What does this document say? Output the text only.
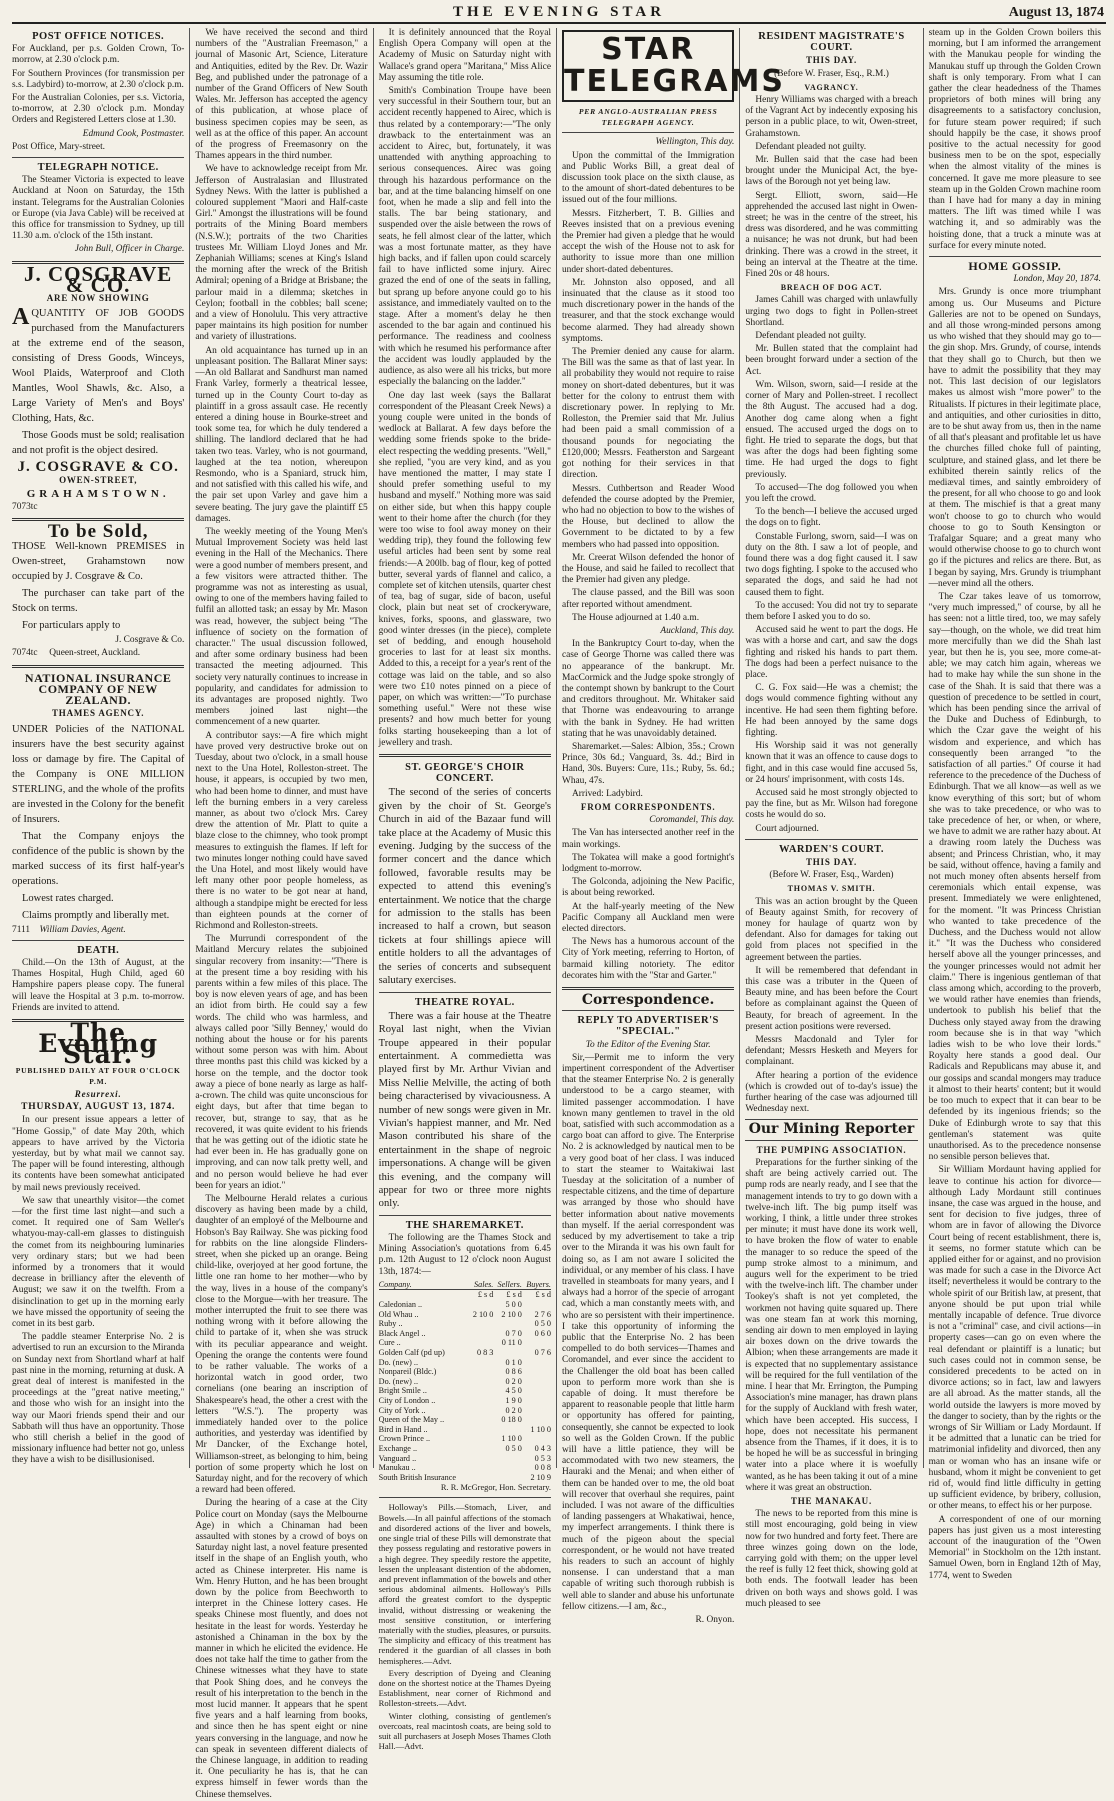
THE EVENING STAR	August 13, 1874
POST OFFICE NOTICES.

For Auckland, per p.s. Golden Crown, To-morrow, at 2.30 o'clock p.m.

For Southern Provinces (for transmission per s.s. Ladybird) to-morrow, at 2.30 o'clock p.m.

For the Australian Colonies, per s.s. Victoria, to-morrow, at 2.30 o'clock p.m. Monday Orders and Registered Letters close at 1.30.

Edmund Cook, Postmaster.

Post Office, Mary-street.

TELEGRAPH NOTICE.

The Steamer Victoria is expected to leave Auckland at Noon on Saturday, the 15th instant. Telegrams for the Australian Colonies or Europe (via Java Cable) will be received at this office for transmission to Sydney, up till 11.30 a.m. o'clock of the 15th instant.

John Bull, Officer in Charge.

J. COSGRAVE & CO.
ARE NOW SHOWING

AQUANTITY OF JOB GOODS purchased from the Manufacturers at the extreme end of the season, consisting of Dress Goods, Winceys, Wool Plaids, Waterproof and Cloth Mantles, Wool Shawls, &c. Also, a Large Variety of Men's and Boys' Clothing, Hats, &c.

Those Goods must be sold; realisation and not profit is the object desired.

J. COSGRAVE & CO.
OWEN-STREET,
GRAHAMSTOWN.

7073tc

To be Sold,

THOSE Well-known PREMISES in Owen-street, Grahamstown now occupied by J. Cosgrave & Co.

The purchaser can take part of the Stock on terms.

For particulars apply to

J. Cosgrave & Co.

7074tc Queen-street, Auckland.

NATIONAL INSURANCE COMPANY OF NEW ZEALAND.
THAMES AGENCY.

UNDER Policies of the NATIONAL insurers have the best security against loss or damage by fire. The Capital of the Company is ONE MILLION STERLING, and the whole of the profits are invested in the Colony for the benefit of Insurers.

That the Company enjoys the confidence of the public is shown by the marked success of its first half-year's operations.

Lowest rates charged.

Claims promptly and liberally met.

7111 William Davies, Agent.

DEATH.

Child.—On the 13th of August, at the Thames Hospital, Hugh Child, aged 60 Hampshire papers please copy. The funeral will leave the Hospital at 3 p.m. to-morrow. Friends are invited to attend.

The Evening Star.
PUBLISHED DAILY AT FOUR O'CLOCK P.M.
Resurrexi.
THURSDAY, AUGUST 13, 1874.

In our present issue appears a letter of "Home Gossip," of date May 20th, which appears to have arrived by the Victoria yesterday, but by what mail we cannot say. The paper will be found interesting, although its contents have been somewhat anticipated by mail news previously received.

We saw that unearthly visitor—the comet —for the first time last night—and such a comet. It required one of Sam Weller's whatyou-may-call-em glasses to distinguish the comet from its neighbouring luminaries very ordinary stars; but we had been informed by a tronomers that it would decrease in brilliancy after the eleventh of August; we saw it on the twelfth. From a disinclination to get up in the morning early we have missed the opportunity of seeing the comet in its best garb.

The paddle steamer Enterprise No. 2 is advertised to run an excursion to the Miranda on Sunday next from Shortland wharf at half past nine in the morning, returning at dusk. A great deal of interest is manifested in the proceedings at the "great native meeting," and those who wish for an insight into the way our Maori friends spend their and our Sabbath will thus have an opportunity. Those who still cherish a belief in the good of missionary influence had better not go, unless they have a wish to be disillusionised.

We have received the second and third numbers of the "Australian Freemason," a journal of Masonic Art, Science, Literature and Antiquities, edited by the Rev. Dr. Wazir Beg, and published under the patronage of a number of the Grand Officers of New South Wales. Mr. Jefferson has accepted the agency of this publication, at whose place of business specimen copies may be seen, as well as at the office of this paper. An account of the progress of Freemasonry on the Thames appears in the third number.

We have to acknowledge receipt from Mr. Jefferson of Australasian and Illustrated Sydney News. With the latter is published a coloured supplement "Maori and Half-caste Girl." Amongst the illustrations will be found portraits of the Mining Board members (N.S.W.); portraits of the two Charities trustees Mr. William Lloyd Jones and Mr. Zephaniah Williams; scenes at King's Island the morning after the wreck of the British Admiral; opening of a Bridge at Brisbane; the parlour maid in a dilemma; sketches in Ceylon; football in the cobbles; ball scene; and a view of Honolulu. This very attractive paper maintains its high position for number and variety of illustrations.

An old acquaintance has turned up in an unpleasant position. The Ballarat Miner says:—An old Ballarat and Sandhurst man named Frank Varley, formerly a theatrical lessee, turned up in the County Court to-day as plaintiff in a gross assault case. He recently entered a dining house in Bourke-street and took some tea, for which he duly tendered a shilling. The landlord declared that he had taken two teas. Varley, who is not gourmand, laughed at the tea notion, whereupon Resmondo, who is a Spaniard, struck him, and not satisfied with this called his wife, and the pair set upon Varley and gave him a severe beating. The jury gave the plaintiff £5 damages.

The weekly meeting of the Young Men's Mutual Improvement Society was held last evening in the Hall of the Mechanics. There were a good number of members present, and a few visitors were attracted thither. The programme was not as interesting as usual, owing to one of the members having failed to fulfil an allotted task; an essay by Mr. Mason was read, however, the subject being "The influence of society on the formation of character." The usual discussion followed, and after some ordinary business had been transacted the meeting adjourned. This society very naturally continues to increase in popularity, and candidates for admission to its advantages are proposed nightly. Two members joined last night—the commencement of a new quarter.

A contributor says:—A fire which might have proved very destructive broke out on Tuesday, about two o'clock, in a small house next to the Una Hotel, Rolleston-street. The house, it appears, is occupied by two men, who had been home to dinner, and must have left the burning embers in a very careless manner, as about two o'clock Mrs. Carey drew the attention of Mr. Platt to quite a blaze close to the chimney, who took prompt measures to extinguish the flames. If left for two minutes longer nothing could have saved the Una Hotel, and most likely would have left many other poor people homeless, as there is no water to be got near at hand, although a standpipe might be erected for less than eighteen pounds at the corner of Richmond and Rolleston-streets.

The Murrundi correspondent of the Maitland Mercury relates the subjoined singular recovery from insanity:—"There is at the present time a boy residing with his parents within a few miles of this place. The boy is now eleven years of age, and has been an idiot from birth. He could say a few words. The child who was harmless, and always called poor 'Silly Benney,' would do nothing about the house or for his parents without some person was with him. About three months past this child was kicked by a horse on the temple, and the doctor took away a piece of bone nearly as large as half-a-crown. The child was quite unconscious for eight days, but after that time began to recover, but, strange to say, that as he recovered, it was quite evident to his friends that he was getting out of the idiotic state he had ever been in. He has gradually gone on improving, and can now talk pretty well, and and no person would believe he had ever been for years an idiot."

The Melbourne Herald relates a curious discovery as having been made by a child, daughter of an employé of the Melbourne and Hobson's Bay Railway. She was picking food for rabbits on the line alongside Flinders-street, when she picked up an orange. Being child-like, overjoyed at her good fortune, the little one ran home to her mother—who by the way, lives in a house of the company's close to the Morgue—with her treasure. The mother interrupted the fruit to see there was nothing wrong with it before allowing the child to partake of it, when she was struck with its peculiar appearance and weight. Opening the orange the contents were found to be rather valuable. The works of a horizontal watch in good order, two cornelians (one bearing an inscription of Shakespeare's head, the other a crest with the letters "W.S."). The property was immediately handed over to the police authorities, and yesterday was identified by Mr Dancker, of the Exchange hotel, Williamson-street, as belonging to him, being portion of some property which he lost on Saturday night, and for the recovery of which a reward had been offered.

During the hearing of a case at the City Police court on Monday (says the Melbourne Age) in which a Chinaman had been assaulted with stones by a crowd of boys on Saturday night last, a novel feature presented itself in the shape of an English youth, who acted as Chinese interpreter. His name is Wm. Henry Hutton, and he has been brought down by the police from Beechworth to interpret in the Chinese lottery cases. He speaks Chinese most fluently, and does not hesitate in the least for words. Yesterday he astonished a Chinaman in the box by the manner in which he elicited the evidence. He does not take half the time to gather from the Chinese witnesses what they have to state that Pook Shing does, and he conveys the result of his interpretation to the bench in the most lucid manner. It appears that he spent five years and a half learning from books, and since then he has spent eight or nine years conversing in the language, and now he can speak in seventeen different dialects of the Chinese language, in addition to reading it. One peculiarity he has is, that he can express himself in fewer words than the Chinese themselves.

It is definitely announced that the Royal English Opera Company will open at the Academy of Music on Saturday night with Wallace's grand opera "Maritana," Miss Alice May assuming the title role.

Smith's Combination Troupe have been very successful in their Southern tour, but an accident recently happened to Airec, which is thus related by a contemporary:—"The only drawback to the entertainment was an accident to Airec, but, fortunately, it was unattended with anything approaching to serious consequences. Airec was going through his hazardous performance on the bar, and at the time balancing himself on one foot, when he made a slip and fell into the stalls. The bar being stationary, and suspended over the aisle between the rows of seats, he fell almost clear of the latter, which was a most fortunate matter, as they have high backs, and if fallen upon could scarcely fail to have inflicted some injury. Airec grazed the end of one of the seats in falling, but sprang up before anyone could go to his assistance, and immediately vaulted on to the stage. After a moment's delay he then ascended to the bar again and continued his performance. The readiness and coolness with which he resumed his performance after the accident was loudly applauded by the audience, as also were all his tricks, but more especially the balancing on the ladder."

One day last week (says the Ballarat correspondent of the Pleasant Creek News) a young couple were united in the bonds of wedlock at Ballarat. A few days before the wedding some friends spoke to the bride-elect respecting the wedding presents. "Well," she replied, "you are very kind, and as you have mentioned the matter, I may state I should prefer something useful to my husband and myself." Nothing more was said on either side, but when this happy couple went to their home after the church (for they were too wise to fool away money on their wedding trip), they found the following few useful articles had been sent by some real friends:—A 200lb. bag of flour, keg of potted butter, several yards of flannel and calico, a complete set of kitchen utensils, quarter chest of tea, bag of sugar, side of bacon, useful clock, plain but neat set of crockeryware, knives, forks, spoons, and glassware, two good winter dresses (in the piece), complete set of bedding, and enough household groceries to last for at least six months. Added to this, a receipt for a year's rent of the cottage was laid on the table, and so also were two £10 notes pinned on a piece of paper, on which was written:—"To purchase something useful." Were not these wise presents? and how much better for young folks starting housekeeping than a lot of jewellery and trash.

ST. GEORGE'S CHOIR CONCERT.

The second of the series of concerts given by the choir of St. George's Church in aid of the Bazaar fund will take place at the Academy of Music this evening. Judging by the success of the former concert and the dance which followed, favorable results may be expected to attend this evening's entertainment. We notice that the charge for admission to the stalls has been increased to half a crown, but season tickets at four shillings apiece will entitle holders to all the advantages of the series of concerts and subsequent salutary exercises.

THEATRE ROYAL.

There was a fair house at the Theatre Royal last night, when the Vivian Troupe appeared in their popular entertainment. A commedietta was played first by Mr. Arthur Vivian and Miss Nellie Melville, the acting of both being characterised by vivaciousness. A number of new songs were given in Mr. Vivian's happiest manner, and Mr. Ned Mason contributed his share of the entertainment in the shape of negroic impersonations. A change will be given this evening, and the company will appear for two or three more nights only.

THE SHAREMARKET.

The following are the Thames Stock and Mining Association's quotations from 6.45 p.m. 12th August to 12 o'clock noon August 13th, 1874:—

Company.	Sales.	Sellers.	Buyers.
	£ s d	£ s d	£ s d
Caledonian ..		5 0 0	
Old Whau ..	2 10 0	2 10 0	2 7 6
Ruby ..			0 5 0
Black Angel ..		0 7 0	0 6 0
Cure ..		0 11 0	
Golden Calf (pd up)	0 8 3		0 7 6
Do. (new) ..		0 1 0	
Nonpareil (Bldc.)		0 8 6	
Do. (new) ..		0 2 0	
Bright Smile ..		4 5 0	
City of London ..		1 9 0	
City of York ..		0 2 0	
Queen of the May ..		0 18 0	
Bird in Hand ..			1 10 0
Crown Prince ..		1 10 0	
Exchange ..		0 5 0	0 4 3
Vanguard ..			0 5 3
Manukau ..			0 0 8
South British Insurance			2 10 9

R. R. McGregor, Hon. Secretary.

Holloway's Pills.—Stomach, Liver, and Bowels.—In all painful affections of the stomach and disordered actions of the liver and bowels, one single trial of these Pills will demonstrate that they possess regulating and restorative powers in a high degree. They speedily restore the appetite, lessen the unpleasant distention of the abdomen, and prevent inflammation of the bowels and other serious abdominal ailments. Holloway's Pills afford the greatest comfort to the dyspeptic invalid, without distressing or weakening the most sensitive constitution, or interfering materially with the studies, pleasures, or pursuits. The simplicity and efficacy of this treatment has rendered it the guardian of all classes in both hemispheres.—Advt.

Every description of Dyeing and Cleaning done on the shortest notice at the Thames Dyeing Establishment, near corner of Richmond and Rolleston-streets.—Advt.

Winter clothing, consisting of gentlemen's overcoats, real macintosh coats, are being sold to suit all purchasers at Joseph Moses Thames Cloth Hall.—Advt.

STAR TELEGRAMS
PER ANGLO-AUSTRALIAN PRESS TELEGRAPH AGENCY.

Wellington, This day.

Upon the committal of the Immigration and Public Works Bill, a great deal of discussion took place on the sixth clause, as to the amount of short-dated debentures to be issued out of the four millions.

Messrs. Fitzherbert, T. B. Gillies and Reeves insisted that on a previous evening the Premier had given a pledge that he would accept the wish of the House not to ask for authority to issue more than one million under short-dated debentures.

Mr. Johnston also opposed, and all insinuated that the clause as it stood too much discretionary power in the hands of the treasurer, and that the stock exchange would become alarmed. They had already shown symptoms.

The Premier denied any cause for alarm. The Bill was the same as that of last year. In all probability they would not require to raise money on short-dated debentures, but it was better for the colony to entrust them with discretionary power. In replying to Mr. Rolleston, the Premier said that Mr. Julius had been paid a small commission of a thousand pounds for negociating the £120,000; Messrs. Featherston and Sargeant got nothing for their services in that direction.

Messrs. Cuthbertson and Reader Wood defended the course adopted by the Premier, who had no objection to bow to the wishes of the House, but declined to allow the Government to be dictated to by a few members who had passed into opposition.

Mr. Creerat Wilson defended the honor of the House, and said he failed to recollect that the Premier had given any pledge.

The clause passed, and the Bill was soon after reported without amendment.

The House adjourned at 1.40 a.m.

Auckland, This day.

In the Bankruptcy Court to-day, when the case of George Thorne was called there was no appearance of the bankrupt. Mr. MacCormick and the Judge spoke strongly of the contempt shown by bankrupt to the Court and creditors throughout. Mr. Whitaker said that Thorne was endeavouring to arrange with the bank in Sydney. He had written stating that he was unavoidably detained.

Sharemarket.—Sales: Albion, 35s.; Crown Prince, 30s 6d.; Vanguard, 3s. 4d.; Bird in Hand, 30s. Buyers: Cure, 11s.; Ruby, 5s. 6d.; Whau, 47s.

Arrived: Ladybird.

FROM CORRESPONDENTS.

Coromandel, This day.

The Van has intersected another reef in the main workings.

The Tokatea will make a good fortnight's lodgment to-morrow.

The Golconda, adjoining the New Pacific, is about being reworked.

At the half-yearly meeting of the New Pacific Company all Auckland men were elected directors.

The News has a humorous account of the City of York meeting, referring to Horton, of barmaid killing notoriety. The editor decorates him with the "Star and Garter."

Correspondence.
REPLY TO ADVERTISER'S "SPECIAL."

To the Editor of the Evening Star.

Sir,—Permit me to inform the very impertinent correspondent of the Advertiser that the steamer Enterprise No. 2 is generally understood to be a cargo steamer, with limited passenger accommodation. I have known many gentlemen to travel in the old boat, satisfied with such accommodation as a cargo boat can afford to give. The Enterprise No. 2 is acknowledged by nautical men to be a very good boat of her class. I was induced to start the steamer to Waitakiwai last Tuesday at the solicitation of a number of respectable citizens, and the time of departure was arranged by those who should have better information about native movements than myself. If the aerial correspondent was seduced by my advertisement to take a trip over to the Miranda it was his own fault for doing so, as I am not aware I solicited the individual, or any member of his class. I have travelled in steamboats for many years, and I always had a horror of the specie of arrogant cad, which a man constantly meets with, and who are so persistent with their impertinence. I take this opportunity of informing the public that the Enterprise No. 2 has been compelled to do both services—Thames and Coromandel, and ever since the accident to the Challenger the old boat has been called upon to perform more work than she is capable of doing. It must therefore be apparent to reasonable people that little harm or opportunity has offered for painting, consequently, she cannot be expected to look so well as the Golden Crown. If the public will have a little patience, they will be accommodated with two new steamers, the Hauraki and the Menai; and when either of them can be handed over to me, the old boat will recover that overhaul she requires, paint included. I was not aware of the difficulties of landing passengers at Whakatiwai, hence, my imperfect arrangements. I think there is much of the pigeon about the special correspondent, or he would not have treated his readers to such an account of highly nonsense. I can understand that a man capable of writing such thorough rubbish is well able to slander and abuse his unfortunate fellow citizens.—I am, &c.,

R. Onyon.

RESIDENT MAGISTRATE'S COURT.
THIS DAY.

(Before W. Fraser, Esq., R.M.)

VAGRANCY.

Henry Williams was charged with a breach of the Vagrant Act by indecently exposing his person in a public place, to wit, Owen-street, Grahamstown.

Defendant pleaded not guilty.

Mr. Bullen said that the case had been brought under the Municipal Act, the bye-laws of the Borough not yet being law.

Sergt. Elliott, sworn, said—He apprehended the accused last night in Owen-street; he was in the centre of the street, his dress was disordered, and he was committing a nuisance; he was not drunk, but had been drinking. There was a crowd in the street, it being an interval at the Theatre at the time. Fined 20s or 48 hours.

BREACH OF DOG ACT.

James Cahill was charged with unlawfully urging two dogs to fight in Pollen-street Shortland.

Defendant pleaded not guilty.

Mr. Bullen stated that the complaint had been brought forward under a section of the Act.

Wm. Wilson, sworn, said—I reside at the corner of Mary and Pollen-street. I recollect the 8th August. The accused had a dog. Another dog came along when a fight ensued. The accused urged the dogs on to fight. He tried to separate the dogs, but that was after the dogs had been fighting some time. He had urged the dogs to fight previously.

To accused—The dog followed you when you left the crowd.

To the bench—I believe the accused urged the dogs on to fight.

Constable Furlong, sworn, said—I was on duty on the 8th. I saw a lot of people, and found there was a dog fight caused it. I saw two dogs fighting. I spoke to the accused who separated the dogs, and said he had not caused them to fight.

To the accused: You did not try to separate them before I asked you to do so.

Accused said he went to part the dogs. He was with a horse and cart, and saw the dogs fighting and risked his hands to part them. The dogs had been a perfect nuisance to the place.

C. G. Fox said—He was a chemist; the dogs would commence fighting without any incentive. He had seen them fighting before. He had been annoyed by the same dogs fighting.

His Worship said it was not generally known that it was an offence to cause dogs to fight, and in this case would fine accused 5s, or 24 hours' imprisonment, with costs 14s.

Accused said he most strongly objected to pay the fine, but as Mr. Wilson had foregone costs he would do so.

Court adjourned.

WARDEN'S COURT.
THIS DAY.

(Before W. Fraser, Esq., Warden)

THOMAS V. SMITH.

This was an action brought by the Queen of Beauty against Smith, for recovery of money for haulage of quartz won by defendant. Also for damages for taking out gold from places not specified in the agreement between the parties.

It will be remembered that defendant in this case was a tributer in the Queen of Beauty mine, and has been before the Court before as complainant against the Queen of Beauty, for breach of agreement. In the present action positions were reversed.

Messrs Macdonald and Tyler for defendant; Messrs Hesketh and Meyers for complainant.

After hearing a portion of the evidence (which is crowded out of to-day's issue) the further hearing of the case was adjourned till Wednesday next.

Our Mining Reporter
THE PUMPING ASSOCIATION.

Preparations for the further sinking of the shaft are being actively carried out. The pump rods are nearly ready, and I see that the management intends to try to go down with a twelve-inch lift. The big pump itself was working, I think, a little under three strokes per minute; it must have done its work well, to have broken the flow of water to enable the manager to so reduce the speed of the pump stroke almost to a minimum, and augurs well for the experiment to be tried with the twelve-inch lift. The chamber under Tookey's shaft is not yet completed, the workmen not having quite squared up. There was one steam fan at work this morning, sending air down to men employed in laying air boxes down on the drive towards the Albion; when these arrangements are made it is expected that no supplementary assistance will be required for the full ventilation of the mine. I hear that Mr. Errington, the Pumping Association's mine manager, has drawn plans for the supply of Auckland with fresh water, which have been accepted. His success, I hope, does not necessitate his permanent absence from the Thames, if it does, it is to be hoped he will be as successful in bringing water into a place where it is woefully wanted, as he has been taking it out of a mine where it was great an obstruction.

THE MANAKAU.

The news to be reported from this mine is still most encouraging, gold being in view now for two hundred and forty feet. There are three winzes going down on the lode, carrying gold with them; on the upper level the reef is fully 12 feet thick, showing gold at both ends. The footwall leader has been driven on both ways and shows gold. I was much pleased to see

steam up in the Golden Crown boilers this morning, but I am informed the arrangement with the Manukau people for winding the Manukau stuff up through the Golden Crown shaft is only temporary. From what I can gather the clear headedness of the Thames proprietors of both mines will bring any disagreements to a satisfactory conclusion, for future steam power required; if such should happily be the case, it shows proof positive to the actual necessity for good business men to be on the spot, especially when the almost vitality of the mines is concerned. It gave me more pleasure to see steam up in the Golden Crown machine room than I have had for many a day in mining matters. The lift was timed while I was watching it, and so admirably was the hoisting done, that a truck a minute was at surface for every minute noted.

HOME GOSSIP.

London, May 20, 1874.

Mrs. Grundy is once more triumphant among us. Our Museums and Picture Galleries are not to be opened on Sundays, and all those wrong-minded persons among us who wished that they should may go to—the gin shop. Mrs. Grundy, of course, intends that they shall go to Church, but then we have to admit the possibility that they may not. This last decision of our legislators makes us almost wish "more power" to the Ritualists. If pictures in their legitimate place, and antiquities, and other curiosities in ditto, are to be shut away from us, then in the name of all that's pleasant and profitable let us have the churches filled choke full of painting, sculpture, and stained glass, and let there be exhibited therein saintly relics of the mediæval times, and saintly embroidery of the present, for all who choose to go and look at them. The mischief is that a great many won't choose to go to church who would choose to go to South Kensington or Trafalgar Square; and a great many who would otherwise choose to go to church wont go if the pictures and relics are there. But, as I began by saying, Mrs. Grundy is triumphant—never mind all the others.

The Czar takes leave of us tomorrow, "very much impressed," of course, by all he has seen: not a little tired, too, we may safely say—though, on the whole, we did treat him more mercifully than we did the Shah last year, but then he is, you see, more come-at-able; we may catch him again, whereas we had to make hay while the sun shone in the case of the Shah. It is said that there was a question of precedence to be settled in court, which has been pending since the arrival of the Duke and Duchess of Edinburgh, to which the Czar gave the weight of his wisdom and experience, and which has consequently been arranged "to the satisfaction of all parties." Of course it had reference to the precedence of the Duchess of Edinburgh. That we all know—as well as we know everything of this sort; but of whom she was to take precedence, or who was to take precedence of her, or when, or where, we have to admit we are rather hazy about. At a drawing room lately the Duchess was absent; and Princess Christian, who, it may be said, without offence, having a family and not much money often absents herself from ceremonials which entail expense, was present. Immediately we were enlightened, for the moment. "It was Princess Christian who wanted to take precedence of the Duchess, and the Duchess would not allow it." "It was the Duchess who considered herself above all the younger princesses, and the younger princesses would not admit her claim." There is ingenious gentleman of that class among which, according to the proverb, we would rather have enemies than friends, undertook to publish his belief that the Duchess only stayed away from the drawing room because she is in that way "which ladies wish to be who love their lords." Royalty here stands a good deal. Our Radicals and Republicans may abuse it, and our gossips and scandal mongers may traduce it almost to their hearts' content; but it would be too much to expect that it can bear to be defended by its ingenious friends; so the Duke of Edinburgh wrote to say that this gentleman's statement was quite unauthorised. As to the precedence nonsense no sensible person believes that.

Sir William Mordaunt having applied for leave to continue his action for divorce—although Lady Mordaunt still continues insane, the case was argued in the house, and sent for decision to five judges, three of whom are in favor of allowing the Divorce Court being of recent establishment, there is, it seems, no former statute which can be applied either for or against, and no provision was made for such a case in the Divorce Act itself; nevertheless it would be contrary to the whole spirit of our British law, at present, that anyone should be put upon trial while mentally incapable of defence. True divorce is not a "criminal" case, and civil actions—in property cases—can go on even where the real defendant or plaintiff is a lunatic; but such cases could not in common sense, be considered precedents to be acted on in divorce actions; so in fact, law and lawyers are all abroad. As the matter stands, all the world outside the lawyers is more moved by the danger to society, than by the rights or the wrongs of Sir William or Lady Mordaunt. If it be admitted that a lunatic can be tried for matrimonial infidelity and divorced, then any man or woman who has an insane wife or husband, whom it might be convenient to get rid of, would find little difficulty in getting up sufficient evidence, by bribery, collusion, or other means, to effect his or her purpose.

A correspondent of one of our morning papers has just given us a most interesting account of the inauguration of the "Owen Memorial" in Stockholm on the 12th instant. Samuel Owen, born in England 12th of May, 1774, went to Sweden
